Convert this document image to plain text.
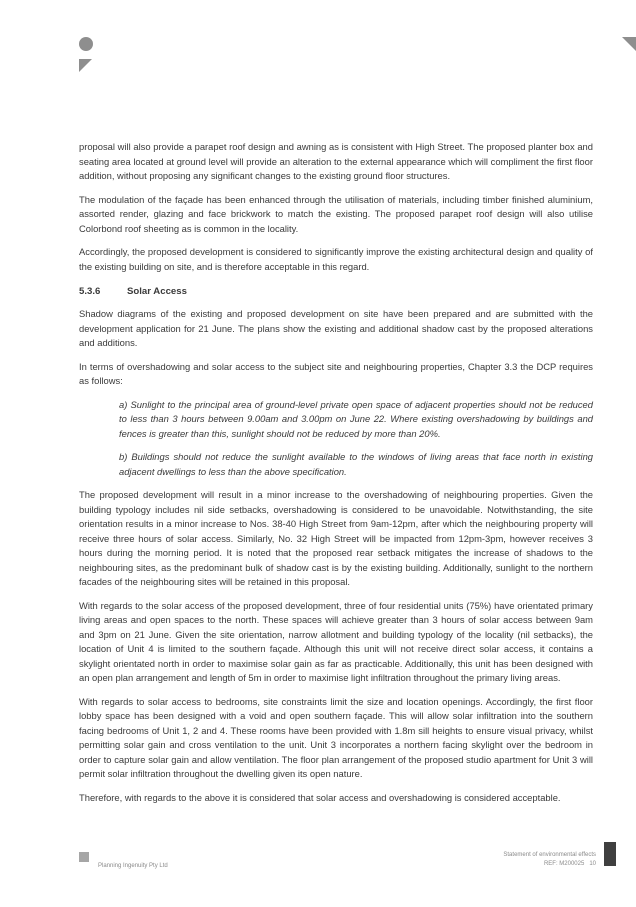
proposal will also provide a parapet roof design and awning as is consistent with High Street. The proposed planter box and seating area located at ground level will provide an alteration to the external appearance which will compliment the first floor addition, without proposing any significant changes to the existing ground floor structures.

The modulation of the façade has been enhanced through the utilisation of materials, including timber finished aluminium, assorted render, glazing and face brickwork to match the existing. The proposed parapet roof design will also utilise Colorbond roof sheeting as is common in the locality.

Accordingly, the proposed development is considered to significantly improve the existing architectural design and quality of the existing building on site, and is therefore acceptable in this regard.

5.3.6	Solar Access

Shadow diagrams of the existing and proposed development on site have been prepared and are submitted with the development application for 21 June. The plans show the existing and additional shadow cast by the proposed alterations and additions.

In terms of overshadowing and solar access to the subject site and neighbouring properties, Chapter 3.3 the DCP requires as follows:

a) Sunlight to the principal area of ground-level private open space of adjacent properties should not be reduced to less than 3 hours between 9.00am and 3.00pm on June 22. Where existing overshadowing by buildings and fences is greater than this, sunlight should not be reduced by more than 20%.

b) Buildings should not reduce the sunlight available to the windows of living areas that face north in existing adjacent dwellings to less than the above specification.

The proposed development will result in a minor increase to the overshadowing of neighbouring properties. Given the building typology includes nil side setbacks, overshadowing is considered to be unavoidable. Notwithstanding, the site orientation results in a minor increase to Nos. 38-40 High Street from 9am-12pm, after which the neighbouring property will receive three hours of solar access. Similarly, No. 32 High Street will be impacted from 12pm-3pm, however receives 3 hours during the morning period. It is noted that the proposed rear setback mitigates the increase of shadows to the neighbouring sites, as the predominant bulk of shadow cast is by the existing building. Additionally, sunlight to the northern facades of the neighbouring sites will be retained in this proposal.

With regards to the solar access of the proposed development, three of four residential units (75%) have orientated primary living areas and open spaces to the north. These spaces will achieve greater than 3 hours of solar access between 9am and 3pm on 21 June. Given the site orientation, narrow allotment and building typology of the locality (nil setbacks), the location of Unit 4 is limited to the southern façade. Although this unit will not receive direct solar access, it contains a skylight orientated north in order to maximise solar gain as far as practicable. Additionally, this unit has been designed with an open plan arrangement and length of 5m in order to maximise light infiltration throughout the primary living areas.

With regards to solar access to bedrooms, site constraints limit the size and location openings. Accordingly, the first floor lobby space has been designed with a void and open southern façade. This will allow solar infiltration into the southern facing bedrooms of Unit 1, 2 and 4. These rooms have been provided with 1.8m sill heights to ensure visual privacy, whilst permitting solar gain and cross ventilation to the unit. Unit 3 incorporates a northern facing skylight over the bedroom in order to capture solar gain and allow ventilation. The floor plan arrangement of the proposed studio apartment for Unit 3 will permit solar infiltration throughout the dwelling given its open nature.

Therefore, with regards to the above it is considered that solar access and overshadowing is considered acceptable.

Planning Ingenuity Pty Ltd
Statement of environmental effects
REF: M200025 10
